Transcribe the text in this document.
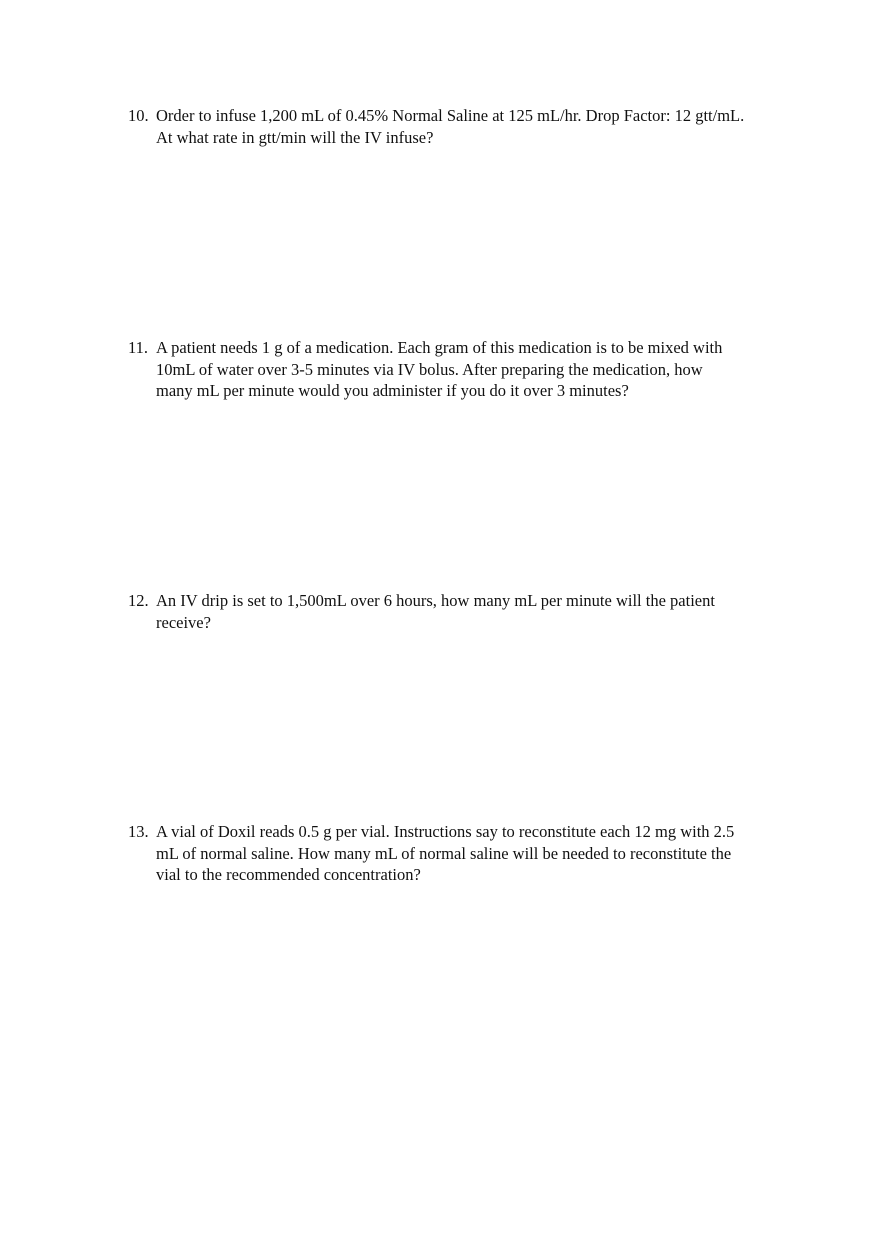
10. Order to infuse 1,200 mL of 0.45% Normal Saline at 125 mL/hr. Drop Factor: 12 gtt/mL.
At what rate in gtt/min will the IV infuse?
11. A patient needs 1 g of a medication. Each gram of this medication is to be mixed with
10mL of water over 3-5 minutes via IV bolus. After preparing the medication, how
many mL per minute would you administer if you do it over 3 minutes?
12. An IV drip is set to 1,500mL over 6 hours, how many mL per minute will the patient
receive?
13. A vial of Doxil reads 0.5 g per vial. Instructions say to reconstitute each 12 mg with 2.5
mL of normal saline. How many mL of normal saline will be needed to reconstitute the
vial to the recommended concentration?
